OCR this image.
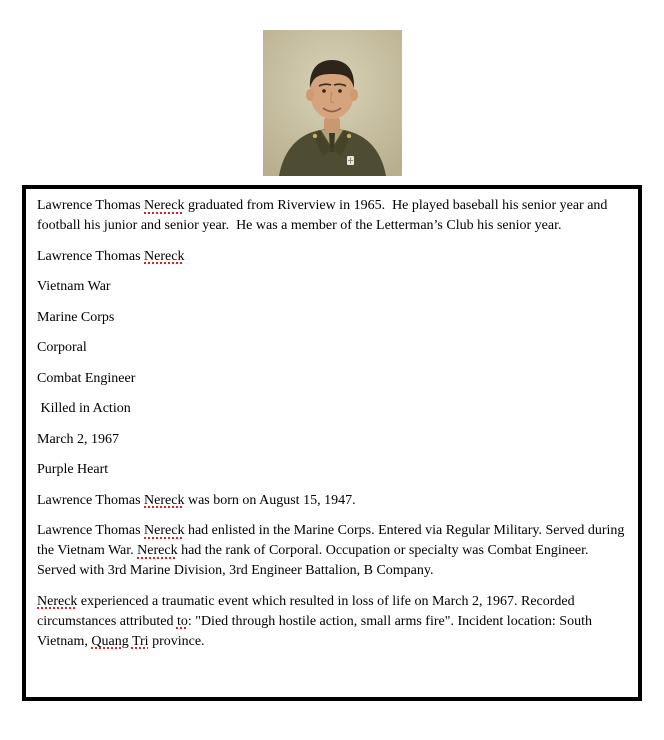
Lawrence Thomas Nereck graduated from Riverview in 1965.  He played baseball his senior year and football his junior and senior year.  He was a member of the Letterman’s Club his senior year.

Lawrence Thomas Nereck

Vietnam War

Marine Corps

Corporal

Combat Engineer

Killed in Action

March 2, 1967

Purple Heart

Lawrence Thomas Nereck was born on August 15, 1947.

Lawrence Thomas Nereck had enlisted in the Marine Corps. Entered via Regular Military. Served during the Vietnam War. Nereck had the rank of Corporal. Occupation or specialty was Combat Engineer. Served with 3rd Marine Division, 3rd Engineer Battalion, B Company.

Nereck experienced a traumatic event which resulted in loss of life on March 2, 1967. Recorded circumstances attributed to: "Died through hostile action, small arms fire". Incident location: South Vietnam, Quang Tri province.
